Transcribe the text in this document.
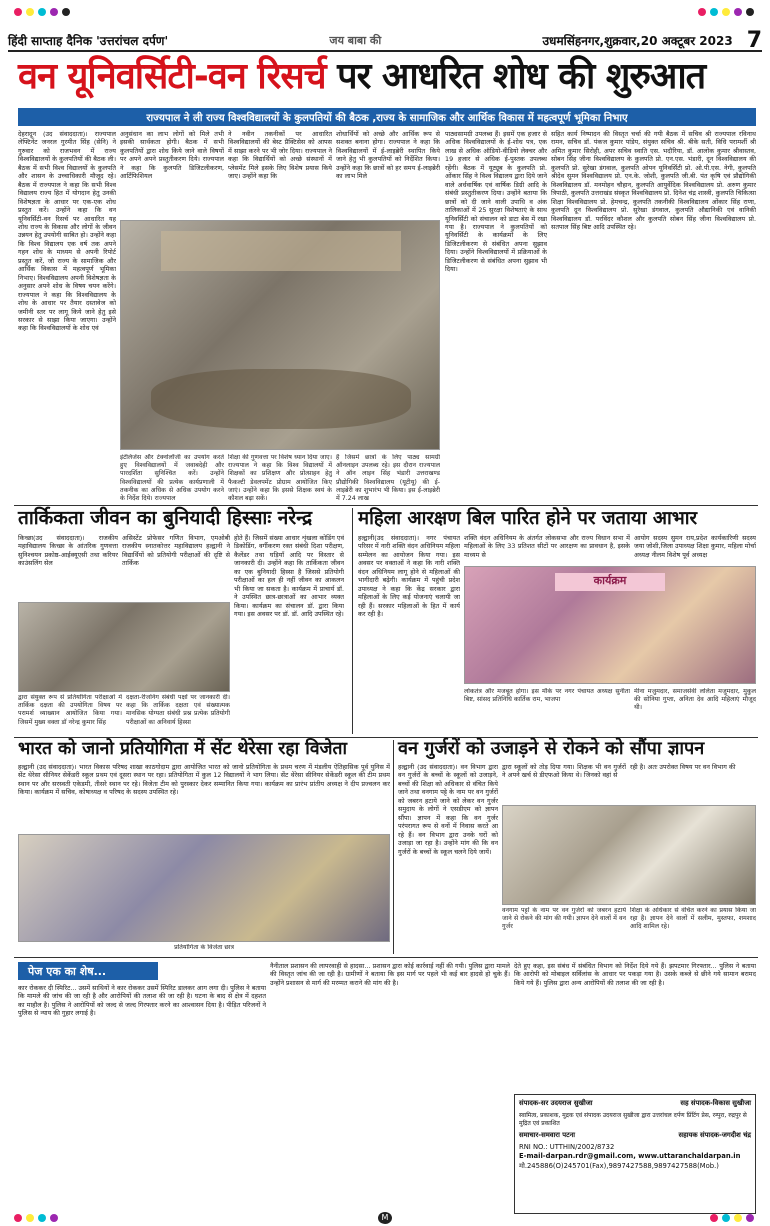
हिंदी साप्ताह दैनिक 'उत्तरांचल दर्पण'	जय बाबा की	उधमसिंहनगर,शुक्रवार,20 अक्टूबर 2023 7
वन यूनिवर्सिटी-वन रिसर्च पर आधरित शोध की शुरुआत
राज्यपाल ने ली राज्य विश्वविद्यालयों के कुलपतियों की बैठक ,राज्य के सामाजिक और आर्थिक विकास में महत्वपूर्ण भूमिका निभाए
देहरादून (उद संवाददाता)। राज्यपाल लेफ्टिनेंट जनरल गुरमीत सिंह (सेनि) ने गुरुवार को राजभवन में राज्य विश्वविद्यालयों के कुलपतियों की बैठक ली। बैठक में सभी विश्व विद्यालयों के कुलपति और शासन के उच्चाधिकारी मौजूद रहे। बैठक में राज्यपाल ने कहा कि सभी विश्व विद्यालय राज्य हित में योगदान हेतु उनकी विशेषज्ञता के आधार पर एक-एक शोध प्रस्तुत करें। उन्होंने कहा कि वन यूनिवर्सिटी-वन रिसर्च पर आधारित यह शोध राज्य के विकास और लोगों के जीवन उन्नयन हेतु उपयोगी साबित हो। उन्होंने कहा कि विश्व विद्यालय एक वर्ष तक अपने गहन शोध के माध्यम से अपनी रिपोर्ट प्रस्तुत करें, जो राज्य के सामाजिक और आर्थिक विकास में महत्वपूर्ण भूमिका निभाए। विश्वविद्यालय अपनी विशेषज्ञता के अनुसार अपने शोध के विषय चयन करेंगे। राज्यपाल ने कहा कि विश्वविद्यालय के शोध के आधार पर तैयार दस्तावेज को जमीनी स्तर पर लागू किये जाने हेतु इसे सरकार से साझा किया जाएगा। उन्होंने कहा कि विश्वविद्यालयों के शोध एवं
अनुसंधान का लाभ लोगों को मिले तभी इसकी सार्थकता होगी। बैठक में सभी कुलपतियों द्वारा शोध किये जाने वाले विषयों पर अपने अपने प्रस्तुतीकरण दिये। राज्यपाल ने कहा कि कुलपति डिजिटलीकरण, आर्टिफिशियल
ने नवीन तकनीकों पर आधारित विश्वविद्यालयों की बेस्ट प्रैक्टिसेस को आपस में साझा करने पर भी जोर दिया। राज्यपाल ने कहा कि विद्यार्थियों को अच्छे संस्थानों में प्लेसमेंट मिले इसके लिए विशेष प्रयास किये जाए। उन्होंने कहा कि
शोधार्थियों को अच्छे और आर्थिक रूप से सशक्त बनाना होगा। राज्यपाल ने कहा कि विश्वविद्यालयों में ई-लाइब्रेरी स्थापित किये जाने हेतु भी कुलपतियों को निर्देशित किया। उन्होंने कहा कि छात्रों को हर समय ई-लाइब्रेरी का लाभ मिले
पाठ्यसामग्री उपलब्ध हैं। इसमें एक हजार से अधिक विश्वविद्यालयों के ई-शोध पत्र, एक लाख से अधिक ऑडियो-वीडियो लेक्चर और 19 हजार से अधिक ई-पुस्तक उपलब्ध रहेंगी। बैठक में यूट्यूब के कुलपति प्रो. ओंकार सिंह ने विश्व विद्यालय द्वारा दिये जाने वाले अर्धवार्षिक एवं वार्षिक डिग्री आदि के संबंधी प्रस्तुतीकरण दिया। उन्होंने बताया कि छात्रों को दी जाने वाली उपाधि व अंक तालिकाओं में 25 सुरक्षा विशेषताएं के साथ यूनिवर्सिटी को संचालन को डाटा बेस में रखा गया है। राज्यपाल ने कुलपतियों को यूनिवर्सिटी के कार्यक्रमों के लिए डिजिटलीकरण से संबंधित अपना सुझाव दिया। उन्होंने विश्वविद्यालयों में प्रक्रियाओं के डिजिटलीकरण से संबंधित अपना सुझाव भी दिया।
सहित कार्य निष्पादन की विस्तृत चर्चा की गयी बैठक में सचिव श्री राज्यपाल रविनाथ रामन, सचिव डॉ. पंकज कुमार पांडेय, संयुक्त सचिव श्री. बीके सती, विधि परामर्शी श्री अमित कुमार सिरोही, अपर सचिव स्वाति एस. भदौरिया, डॉ. आलोक कुमार श्रीवास्तव, सोबन सिंह जीना विश्वविद्यालय के कुलपति प्रो. एन.एस. भंडारी, दून विश्वविद्यालय की कुलपति प्रो. सुरेखा डंगवाल, कुलपति ओपन यूनिवर्सिटी प्रो. ओ.पी.एस. नेगी, कुलपति श्रीदेव सुमन विश्वविद्यालय प्रो. एन.के. जोशी, कुलपति जी.बी. पंत कृषि एवं प्रौद्योगिकी विश्वविद्यालय डॉ. मनमोहन चौहान, कुलपति आयुर्वेदिक विश्वविद्यालय प्रो. अरुण कुमार त्रिपाठी, कुलपति उत्तराखंड संस्कृत विश्वविद्यालय प्रो. दिनेश चंद्र शास्त्री, कुलपति चिकित्सा शिक्षा विश्वविद्यालय प्रो. हेमचन्द्र, कुलपति तकनीकी विश्वविद्यालय ओंकार सिंह राणा, कुलपति दून विश्वविद्यालय प्रो. सुरेखा डंगवाल, कुलपति औद्यानिकी एवं वानिकी विश्वविद्यालय डॉ. परविंदर कौशल और कुलपति सोबन सिंह जीना विश्वविद्यालय प्रो. सतपाल सिंह बिष्ट आदि उपस्थित रहे।
इंटेलिजेंस और टेक्नोलॉजी का उपयोग करते हुए विश्वविद्यालयों में जवाबदेही और पारदर्शिता सुनिश्चित करें। उन्होंने विश्वविद्यालयों की प्रत्येक कार्यप्रणाली में तकनीक का अधिक से अधिक उपयोग करने के निर्देश दिये। राज्यपाल
शिक्षा की गुणवत्ता पर विशेष ध्यान दिया जाए। राज्यपाल ने कहा कि विश्व विद्यालयों में शिक्षकों का प्रशिक्षण और प्रोत्साहन हेतु फैकल्टी डेवलपमेंट प्रोग्राम आयोजित किए जाएं। उन्होंने कहा कि इससे शिक्षक स्वयं के कौशल बढ़ा सकें।
है जिसमें छात्रों के लिए पाठ्य सामग्री ऑनलाइन उपलब्ध रहे। इस दौरान राज्यपाल ने ऑन लाइन सिंह भंडारी उत्तराखण्ड प्रौद्योगिकी विश्वविद्यालय (यूटीयू) की ई-लाइब्रेरी का शुभारंभ भी किया। इस ई-लाइब्रेरी में 7.24 लाख
तार्किकता जीवन का बुनियादी हिस्साः नरेन्द्र
किच्छा(उद संवाददाता)। राजकीय महाविद्यालय किच्छा के आंतरिक गुणवत्ता सुनिश्चयन प्रकोष्ठ-आईक्यूएसी तथा करियर काउंसलिंग सेल
असिस्टेंट प्रोफेसर गणित विभाग, एमओबी राजकीय स्नातकोत्तर महाविद्यालय हल्द्वानी ने विद्यार्थियों को प्रतियोगी परीक्षाओं की दृष्टि से तार्किक
होते हैं। जिसमें संख्या आधार शृंखला कोडिंग एवं डिकोडिंग, वर्गीकरण रक्त संबंधी दिशा परीक्षण, कैलेंडर तथा घड़ियाँ आदि पर विस्तार से जानकारी दी। उन्होंने कहा कि तार्किकता जीवन का एक बुनियादी हिस्सा है जिससे प्रतियोगी परीक्षाओं का हल ही नहीं जीवन का आकलन भी किया जा सकता है। कार्यक्रम में प्राचार्य डॉ. ने उपस्थित छात्र-छात्राओं का आभार व्यक्त किया। कार्यक्रम का संचालन डॉ. द्वारा किया गया। इस अवसर पर डॉ. डॉ. आदि उपस्थित रहे।
द्वारा संयुक्त रूप से प्रतियोगिता परीक्षाओं में तार्किक दक्षता की उपयोगिता विषय पर परामर्श व्याख्यान आयोजित किया गया। जिसमें मुख्य वक्ता डॉ नरेन्द्र कुमार सिंह
दक्षता-रीजनिंग संबंधी पक्षों पर जानकारी दी। कहा कि तार्किक दक्षता एवं संख्यात्मक मानसिक योग्यता संबंधी प्रश्न प्रत्येक प्रतियोगी परीक्षाओं का अनिवार्य हिस्सा
महिला आरक्षण बिल पारित होने पर जताया आभार
हल्द्वानी(उद संवाददाता)। नगर पंचायत परिसर में नारी शक्ति वंदन अधिनियम महिला सम्मेलन का आयोजन किया गया। इस अवसर पर वक्ताओं ने कहा कि नारी शक्ति वंदन अधिनियम लागू होने से महिलाओं की भागीदारी बढ़ेगी। कार्यक्रम में पहुंची प्रदेश उपाध्यक्ष ने कहा कि केंद्र सरकार द्वारा महिलाओं के लिए कई योजनाएं चलायी जा रही हैं। सरकार महिलाओं के हित में कार्य कर रही है।
शक्ति वंदन अधिनियम के अंतर्गत लोकसभा और राज्य विधान सभा में महिलाओं के लिए 33 प्रतिशत सीटों पर आरक्षण का प्रावधान है, इसके माध्यम से
आयोग सदस्य सुमन राय,प्रदेश कार्यकारिणी सदस्य जया जोशी,जिला उपाध्यक्ष शिक्षा कुमार, महिला मोर्चा अध्यक्ष नीलम विशेष पूर्व अध्यक्ष
कार्यक्रम
लोकतंत्र और मजबूत होगा। इस मौके पर नगर पंचायत अध्यक्ष सुनीता बिष्ट, सांसद प्रतिनिधि कार्तिक राम, भाजपा
मीना मजुमदार, समाजसेवी ललिता मजुमदार, मुकुल की सोनिया गुप्ता, अनिता देव आदि महिलाएं मौजूद थी।
भारत को जानो प्रतियोगिता में सेंट थेरेसा रहा विजेता
हल्द्वानी (उद संवाददाता)। भारत विकास परिषद शाखा काठगोदाम द्वारा आयोजित भारत को जानो प्रतियोगिता के प्रथम चरण में मंडलीय ऐतिहासिक पूर्व युनिस में सेंट थेरेसा सीनियर सेकेंडरी स्कूल प्रथम एवं दूसरा स्थान पर रहा। प्रतियोगिता में कुल 12 विद्यालयों ने भाग लिया। सेंट थेरेसा सीनियर सेकेंडरी स्कूल की टीम प्रथम स्थान पर और सरस्वती एकेडमी, तीसरे स्थान पर रहे। विजेता टीम को पुरस्कार देकर सम्मानित किया गया। कार्यक्रम का प्रारंभ प्रांतीय अध्यक्ष ने दीप प्रज्वलन कर किया। कार्यक्रम में सचिव, कोषाध्यक्ष व परिषद के सदस्य उपस्थित रहे।
प्रतियोगिता के विजेता छात्र
वन गुर्जरों को उजाड़ने से रोकने को सौंपा ज्ञापन
हल्द्वानी (उद संवाददाता)। वन विभाग द्वारा वन गुर्जरों के बच्चों के स्कूलों को उजाड़ने, बच्चों की शिक्षा को अधिकार से वंचित किये जाने तथा वनगाम पट्टे के नाम पर वन गुर्जरों को जबरन हटाये जाने को लेकर वन गुर्जर समुदाय के लोगों ने एसडीएम को ज्ञापन सौंपा। ज्ञापन में कहा कि वन गुर्जर परंपरागत रूप से वनों में निवास करते आ रहे हैं। वन विभाग द्वारा उनके घरों को उजाड़ा जा रहा है। उन्होंने मांग की कि वन गुर्जरों के बच्चों के स्कूल चलने दिये जायें।
द्वारा स्कूलों को तोड़ दिया गया। शिक्षक भी वन गुर्जरों ने अपने खर्च से डीएफओ किया थे। जिनको वहां से
रही है। अतः उपरोक्त विषय पर वन विभाग की
वनगाम पट्टों के नाम पर वन गुर्जरों को जबरन हटाये जाने से रोकने की मांग की गयी। ज्ञापन देने वालों में वन गुर्जर
शिक्षा के अधिकार से वंचित करने का प्रयास किया जा रहा है। ज्ञापन देने वालों में सलीम, मुस्तफा, शमशाद आदि शामिल रहे।
पेज एक का शेष...
कार रोककर दी स्पिरिट... उसमें साथियों ने कार रोककर उसमें स्पिरिट डालकर आग लगा दी। पुलिस ने बताया कि मामले की जांच की जा रही है और आरोपियों की तलाश की जा रही है। घटना के बाद से क्षेत्र में दहशत का माहौल है। पुलिस ने आरोपियों को जल्द से जल्द गिरफ्तार करने का आश्वासन दिया है। पीड़ित परिजनों ने पुलिस से न्याय की गुहार लगाई है।
नैनीताल प्रशासन की लापरवाही से हादसा... प्रशासन द्वारा कोई कार्रवाई नहीं की गयी। पुलिस द्वारा मामले की विस्तृत जांच की जा रही है। ग्रामीणों ने बताया कि इस मार्ग पर पहले भी कई बार हादसे हो चुके हैं। उन्होंने प्रशासन से मार्ग की मरम्मत कराने की मांग की है।
देते हुए कहा, इस संबंध में संबंधित विभाग को निर्देश दिये गये हैं। झपटमार गिरफ्तार... पुलिस ने बताया कि आरोपी को मोबाइल सर्विलांस के आधार पर पकड़ा गया है। उसके कब्जे से छीने गये सामान बरामद किये गये हैं। पुलिस द्वारा अन्य आरोपियों की तलाश की जा रही है।
संपादक-सर उदयराज सुखीजा	सह संपादक-विकास सुखीजा
स्वामित्व, प्रकाशक, मुद्रक एवं संपादक उदयराज सुखीजा द्वारा उत्तरांचल दर्पण प्रिंटिंग प्रेस, रम्पुरा, रुद्रपुर से मुद्रित एवं प्रकाशित
समाचार-समवारा पटना	सहायक संपादक-जगदीश चंद्र
RNI NO.: UTTHIN/2002/8732
E-mail-darpan.rdr@gmail.com, www.uttaranchaldarpan.in
मो.245886(O)245701(Fax),9897427588,9897427588(Mob.)
M
